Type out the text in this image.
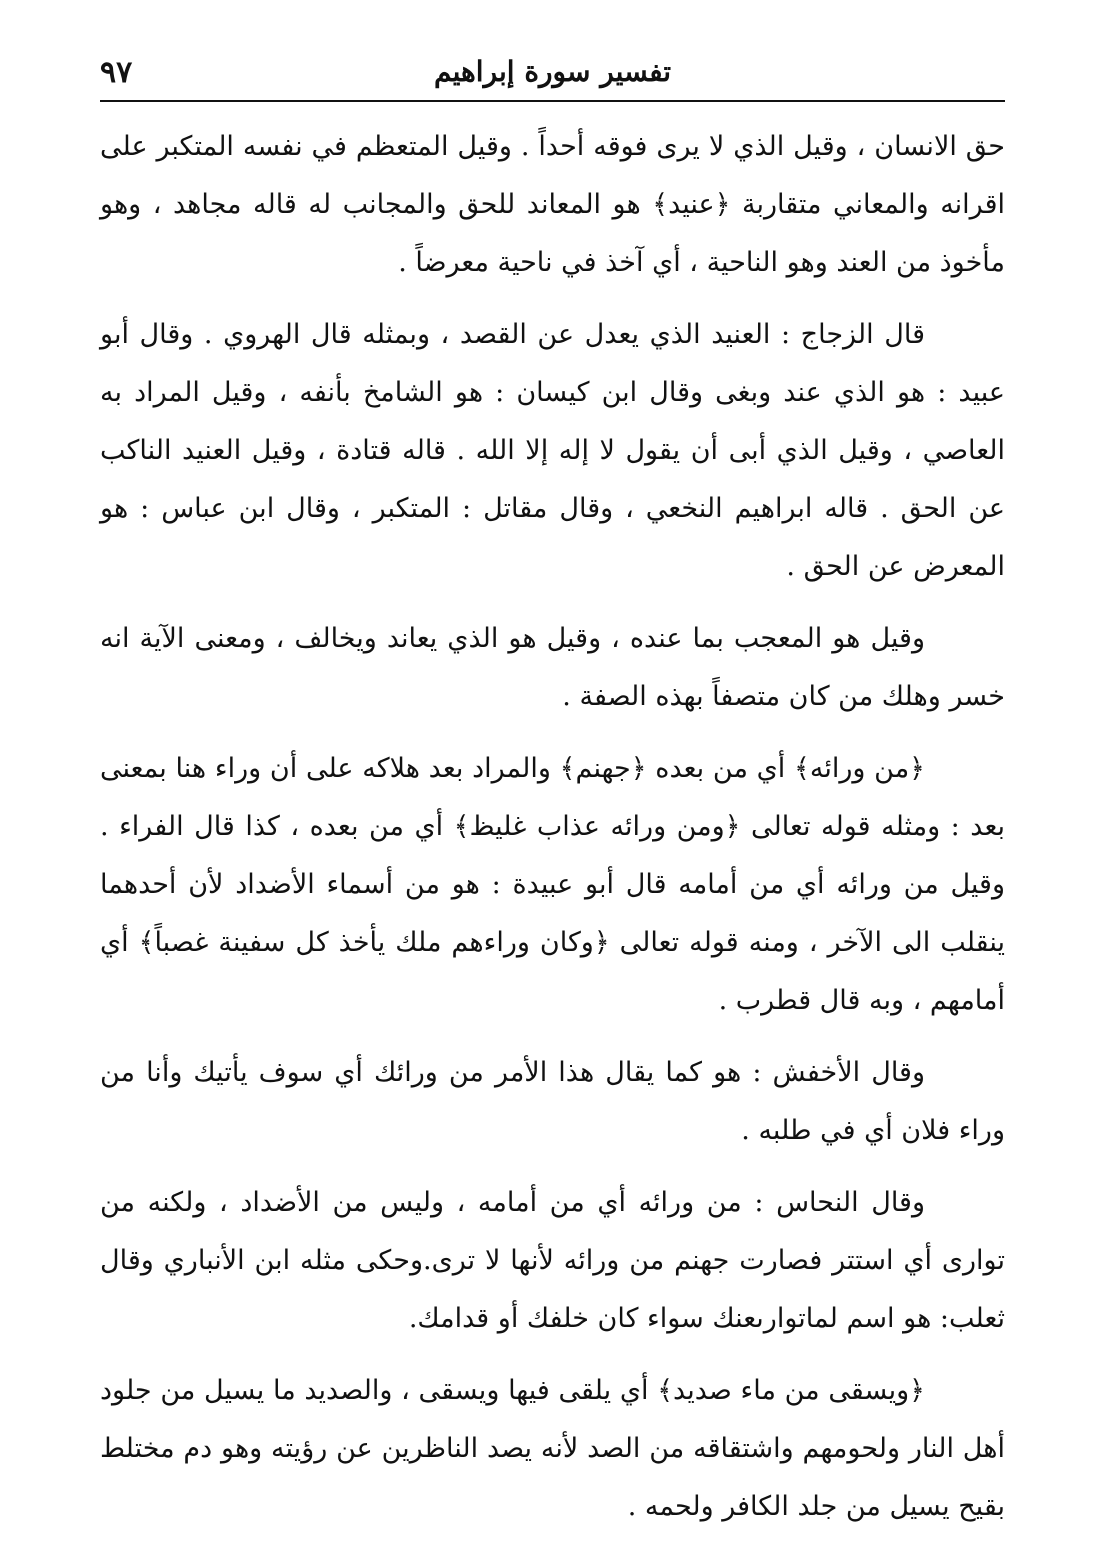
٩٧	تفسير سورة إبراهيم

حق الانسان ، وقيل الذي لا يرى فوقه أحداً . وقيل المتعظم في نفسه المتكبر على اقرانه والمعاني متقاربة ﴿عنيد﴾ هو المعاند للحق والمجانب له قاله مجاهد ، وهو مأخوذ من العند وهو الناحية ، أي آخذ في ناحية معرضاً .

قال الزجاج : العنيد الذي يعدل عن القصد ، وبمثله قال الهروي . وقال أبو عبيد : هو الذي عند وبغى وقال ابن كيسان : هو الشامخ بأنفه ، وقيل المراد به العاصي ، وقيل الذي أبى أن يقول لا إله إلا الله . قاله قتادة ، وقيل العنيد الناكب عن الحق . قاله ابراهيم النخعي ، وقال مقاتل : المتكبر ، وقال ابن عباس : هو المعرض عن الحق .

وقيل هو المعجب بما عنده ، وقيل هو الذي يعاند ويخالف ، ومعنى الآية انه خسر وهلك من كان متصفاً بهذه الصفة .

﴿من ورائه﴾ أي من بعده ﴿جهنم﴾ والمراد بعد هلاكه على أن وراء هنا بمعنى بعد : ومثله قوله تعالى ﴿ومن ورائه عذاب غليظ﴾ أي من بعده ، كذا قال الفراء . وقيل من ورائه أي من أمامه قال أبو عبيدة : هو من أسماء الأضداد لأن أحدهما ينقلب الى الآخر ، ومنه قوله تعالى ﴿وكان وراءهم ملك يأخذ كل سفينة غصباً﴾ أي أمامهم ، وبه قال قطرب .

وقال الأخفش : هو كما يقال هذا الأمر من ورائك أي سوف يأتيك وأنا من وراء فلان أي في طلبه .

وقال النحاس : من ورائه أي من أمامه ، وليس من الأضداد ، ولكنه من توارى أي استتر فصارت جهنم من ورائه لأنها لا ترى.وحكى مثله ابن الأنباري وقال ثعلب: هو اسم لماتوارىعنك سواء كان خلفك أو قدامك.

﴿ويسقى من ماء صديد﴾ أي يلقى فيها ويسقى ، والصديد ما يسيل من جلود أهل النار ولحومهم واشتقاقه من الصد لأنه يصد الناظرين عن رؤيته وهو دم مختلط بقيح يسيل من جلد الكافر ولحمه .
